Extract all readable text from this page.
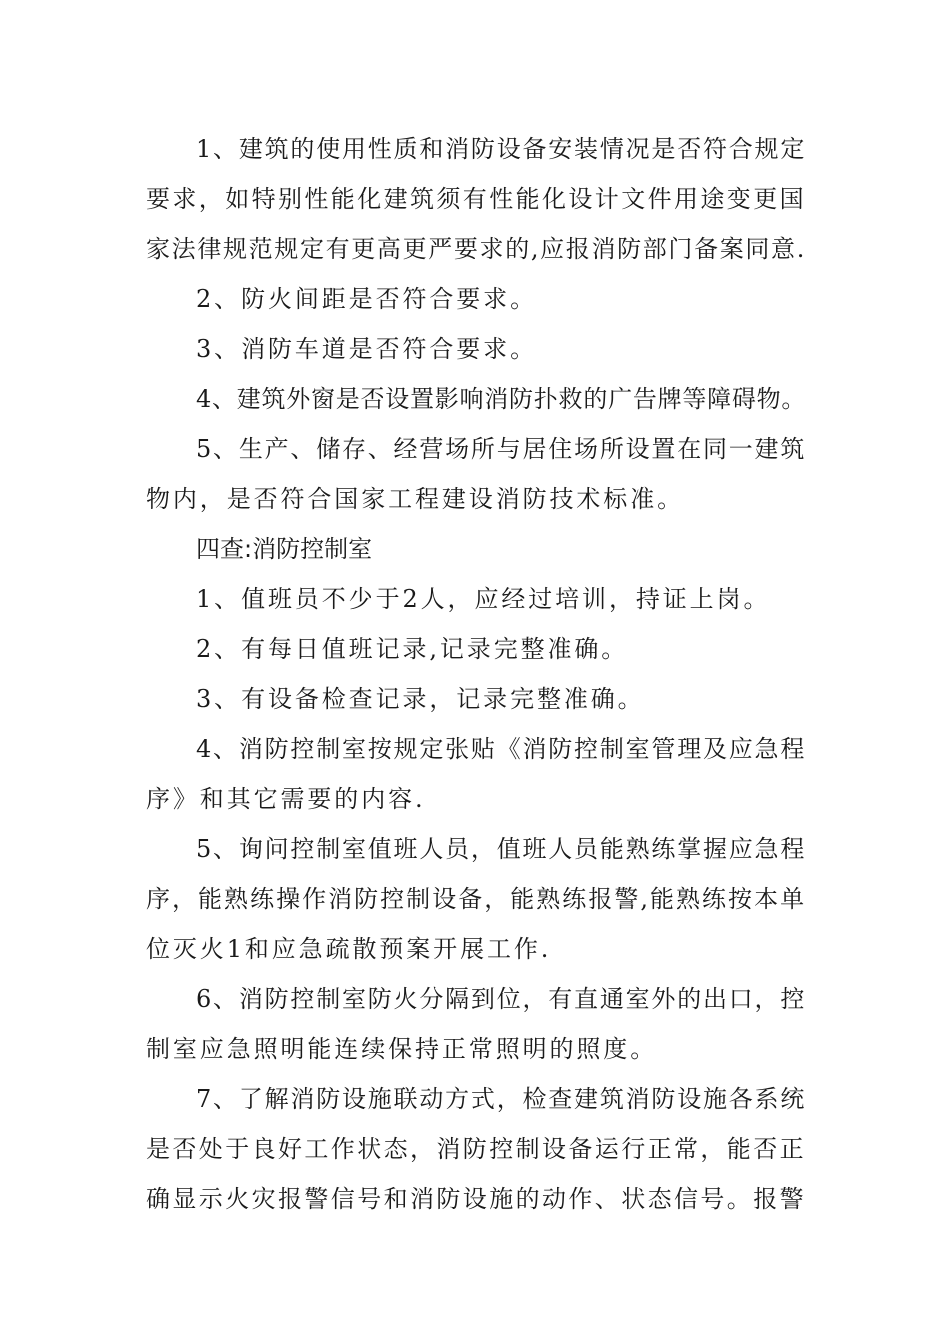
1、建筑的使用性质和消防设备安装情况是否符合规定

要求，如特别性能化建筑须有性能化设计文件用途变更国

家法律规范规定有更高更严要求的,应报消防部门备案同意.

2、防火间距是否符合要求。

3、消防车道是否符合要求。

4、建筑外窗是否设置影响消防扑救的广告牌等障碍物。

5、生产、储存、经营场所与居住场所设置在同一建筑

物内，是否符合国家工程建设消防技术标准。

四查:消防控制室

1、值班员不少于2人，应经过培训，持证上岗。

2、有每日值班记录,记录完整准确。

3、有设备检查记录，记录完整准确。

4、消防控制室按规定张贴《消防控制室管理及应急程

序》和其它需要的内容.

5、询问控制室值班人员，值班人员能熟练掌握应急程

序，能熟练操作消防控制设备，能熟练报警,能熟练按本单

位灭火1和应急疏散预案开展工作.

6、消防控制室防火分隔到位，有直通室外的出口，控

制室应急照明能连续保持正常照明的照度。

7、了解消防设施联动方式，检查建筑消防设施各系统

是否处于良好工作状态，消防控制设备运行正常，能否正

确显示火灾报警信号和消防设施的动作、状态信号。报警
